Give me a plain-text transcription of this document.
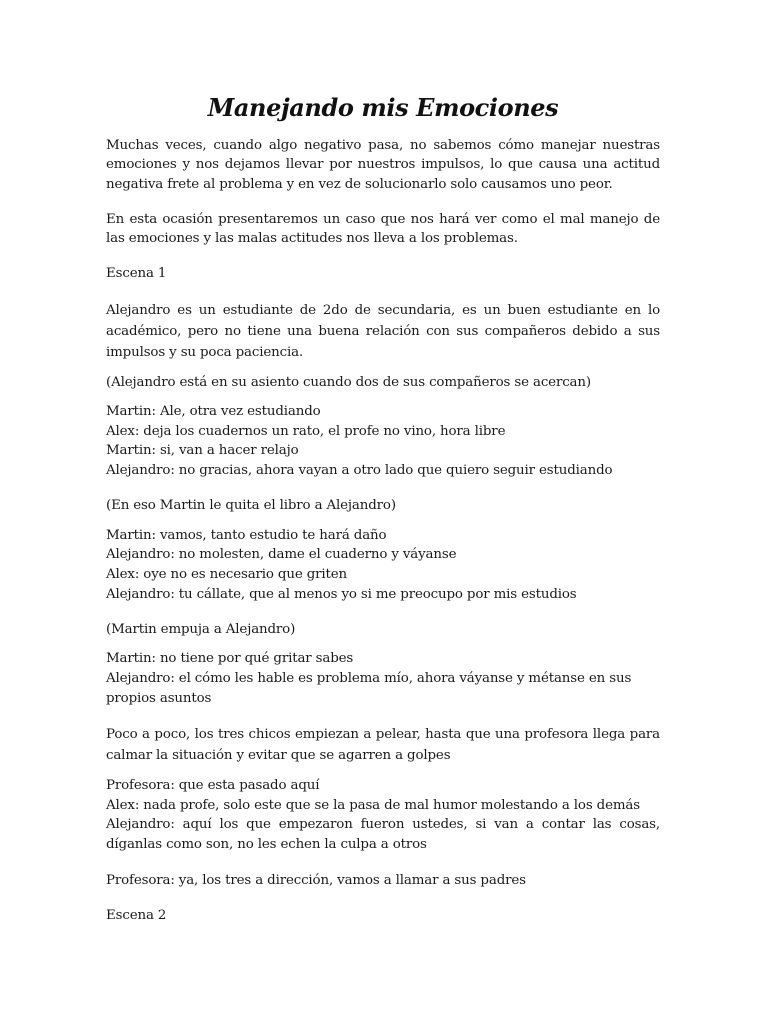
Manejando mis Emociones

Muchas veces, cuando algo negativo pasa, no sabemos cómo manejar nuestras emociones y nos dejamos llevar por nuestros impulsos, lo que causa una actitud negativa frete al problema y en vez de solucionarlo solo causamos uno peor.

En esta ocasión presentaremos un caso que nos hará ver como el mal manejo de las emociones y las malas actitudes nos lleva a los problemas.

Escena 1

Alejandro es un estudiante de 2do de secundaria, es un buen estudiante en lo académico, pero no tiene una buena relación con sus compañeros debido a sus impulsos y su poca paciencia.

(Alejandro está en su asiento cuando dos de sus compañeros se acercan)

Martin: Ale, otra vez estudiando
Alex: deja los cuadernos un rato, el profe no vino, hora libre
Martin: si, van a hacer relajo
Alejandro: no gracias, ahora vayan a otro lado que quiero seguir estudiando

(En eso Martin le quita el libro a Alejandro)

Martin: vamos, tanto estudio te hará daño
Alejandro: no molesten, dame el cuaderno y váyanse
Alex: oye no es necesario que griten
Alejandro: tu cállate, que al menos yo si me preocupo por mis estudios

(Martin empuja a Alejandro)

Martin: no tiene por qué gritar sabes
Alejandro: el cómo les hable es problema mío, ahora váyanse y métanse en sus propios asuntos

Poco a poco, los tres chicos empiezan a pelear, hasta que una profesora llega para calmar la situación y evitar que se agarren a golpes

Profesora: que esta pasado aquí
Alex: nada profe, solo este que se la pasa de mal humor molestando a los demás
Alejandro: aquí los que empezaron fueron ustedes, si van a contar las cosas, díganlas como son, no les echen la culpa a otros

Profesora: ya, los tres a dirección, vamos a llamar a sus padres

Escena 2
